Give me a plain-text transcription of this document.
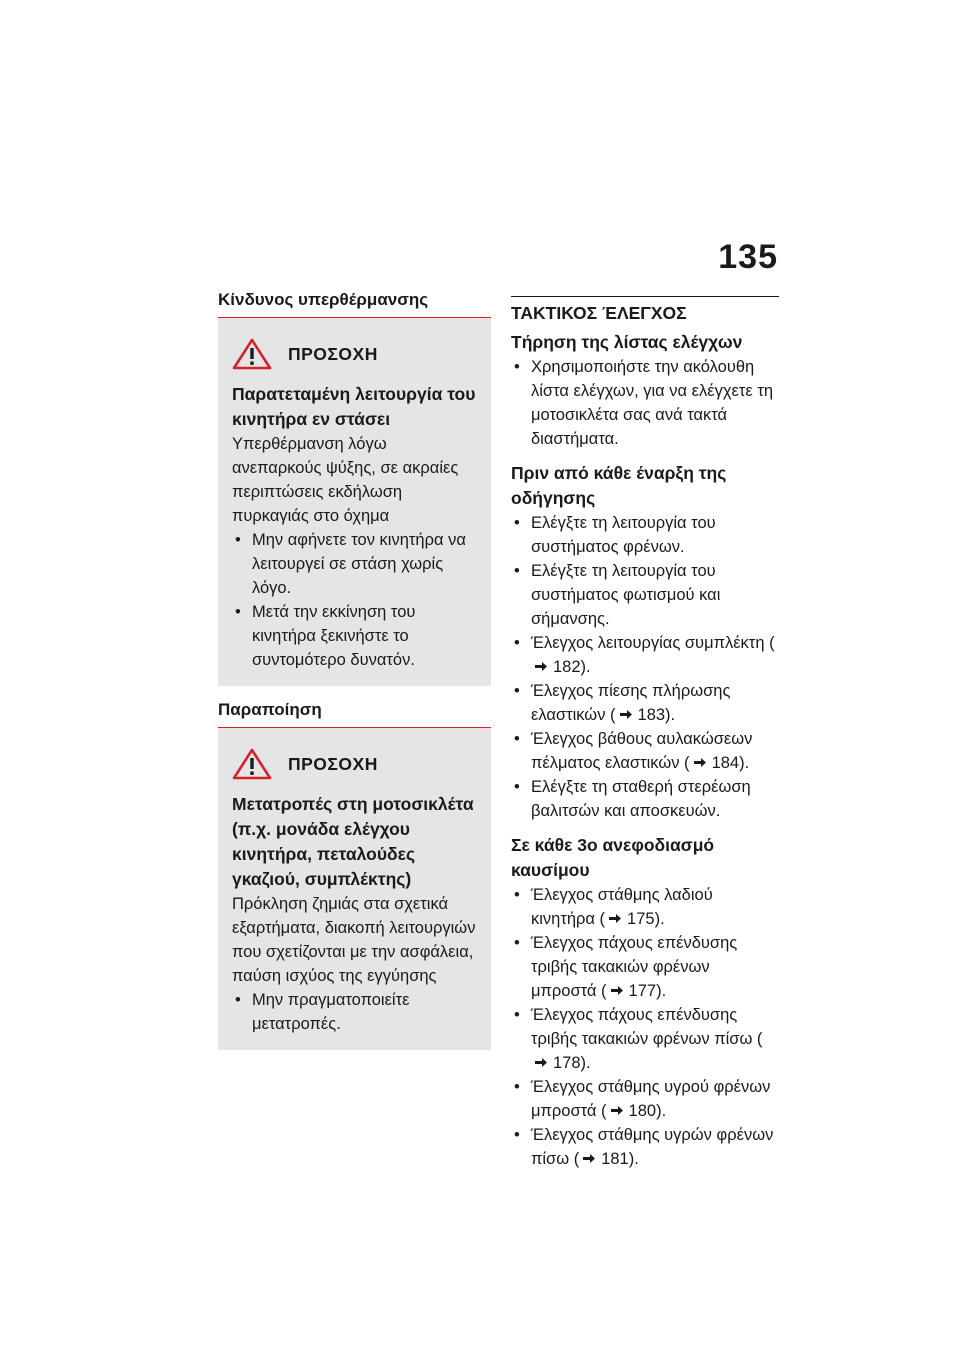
135
Κίνδυνος υπερθέρμανσης
ΠΡΟΣΟΧΗ

Παρατεταμένη λειτουργία του κινητήρα εν στάσει

Υπερθέρμανση λόγω ανεπαρκούς ψύξης, σε ακραίες περιπτώσεις εκδήλωση πυρκαγιάς στο όχημα

• Μην αφήνετε τον κινητήρα να λειτουργεί σε στάση χωρίς λόγο.
• Μετά την εκκίνηση του κινητήρα ξεκινήστε το συντομότερο δυνατόν.
Παραποίηση
ΠΡΟΣΟΧΗ

Μετατροπές στη μοτοσικλέτα (π.χ. μονάδα ελέγχου κινητήρα, πεταλούδες γκαζιού, συμπλέκτης)

Πρόκληση ζημιάς στα σχετικά εξαρτήματα, διακοπή λειτουργιών που σχετίζονται με την ασφάλεια, παύση ισχύος της εγγύησης

• Μην πραγματοποιείτε μετατροπές.
ΤΑΚΤΙΚΟΣ ΈΛΕΓΧΟΣ

Τήρηση της λίστας ελέγχων

• Χρησιμοποιήστε την ακόλουθη λίστα ελέγχων, για να ελέγχετε τη μοτοσικλέτα σας ανά τακτά διαστήματα.

Πριν από κάθε έναρξη της οδήγησης

• Ελέγξτε τη λειτουργία του συστήματος φρένων.
• Ελέγξτε τη λειτουργία του συστήματος φωτισμού και σήμανσης.
• Έλεγχος λειτουργίας συμπλέκτη (182).
• Έλεγχος πίεσης πλήρωσης ελαστικών ( 183).
• Έλεγχος βάθους αυλακώσεων πέλματος ελαστικών ( 184).
• Ελέγξτε τη σταθερή στερέωση βαλιτσών και αποσκευών.

Σε κάθε 3ο ανεφοδιασμό καυσίμου

• Έλεγχος στάθμης λαδιού κινητήρα ( 175).
• Έλεγχος πάχους επένδυσης τριβής τακακιών φρένων μπροστά ( 177).
• Έλεγχος πάχους επένδυσης τριβής τακακιών φρένων πίσω (178).
• Έλεγχος στάθμης υγρού φρένων μπροστά ( 180).
• Έλεγχος στάθμης υγρών φρένων πίσω ( 181).
